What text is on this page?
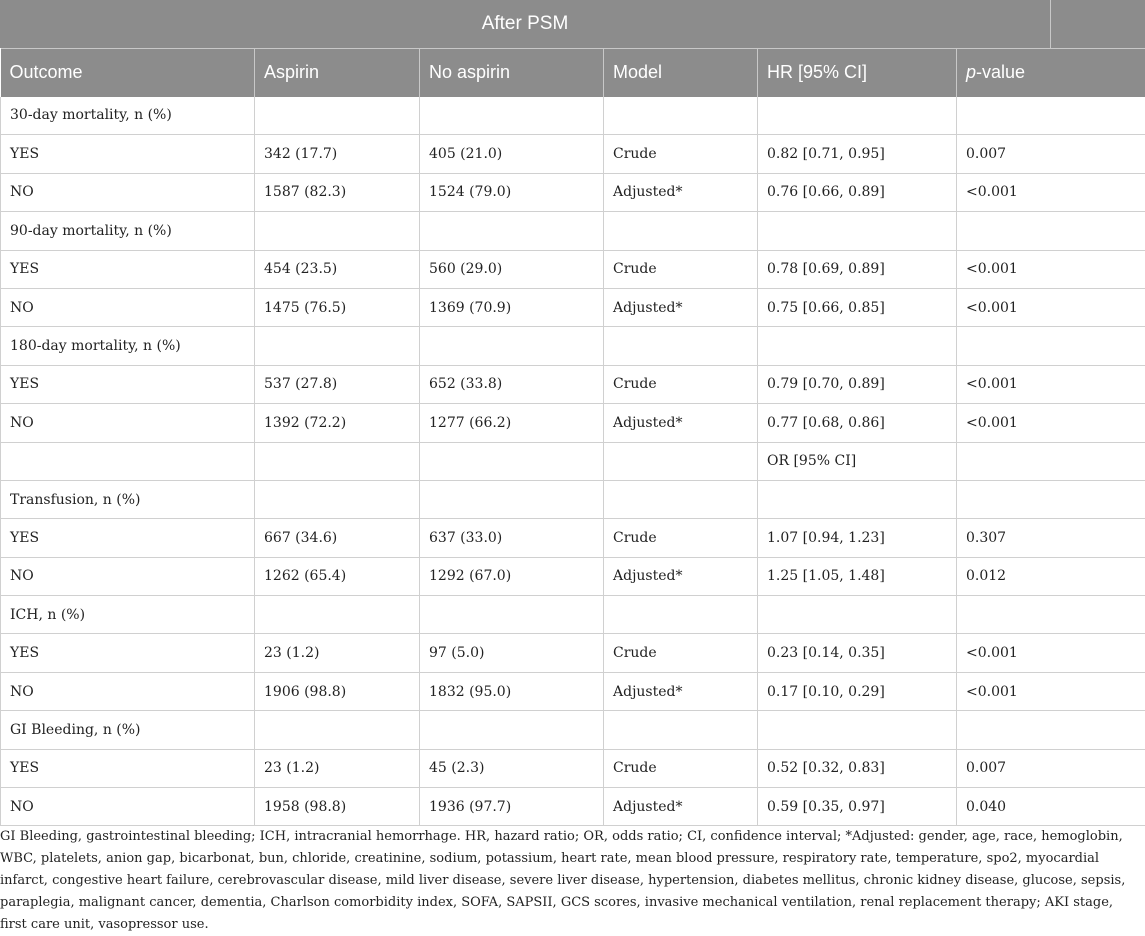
After PSM
Outcome	Aspirin	No aspirin	Model	HR [95% CI]	p-value
30-day mortality, n (%)					
YES	342 (17.7)	405 (21.0)	Crude	0.82 [0.71, 0.95]	0.007
NO	1587 (82.3)	1524 (79.0)	Adjusted*	0.76 [0.66, 0.89]	<0.001
90-day mortality, n (%)					
YES	454 (23.5)	560 (29.0)	Crude	0.78 [0.69, 0.89]	<0.001
NO	1475 (76.5)	1369 (70.9)	Adjusted*	0.75 [0.66, 0.85]	<0.001
180-day mortality, n (%)					
YES	537 (27.8)	652 (33.8)	Crude	0.79 [0.70, 0.89]	<0.001
NO	1392 (72.2)	1277 (66.2)	Adjusted*	0.77 [0.68, 0.86]	<0.001
				OR [95% CI]	
Transfusion, n (%)					
YES	667 (34.6)	637 (33.0)	Crude	1.07 [0.94, 1.23]	0.307
NO	1262 (65.4)	1292 (67.0)	Adjusted*	1.25 [1.05, 1.48]	0.012
ICH, n (%)					
YES	23 (1.2)	97 (5.0)	Crude	0.23 [0.14, 0.35]	<0.001
NO	1906 (98.8)	1832 (95.0)	Adjusted*	0.17 [0.10, 0.29]	<0.001
GI Bleeding, n (%)					
YES	23 (1.2)	45 (2.3)	Crude	0.52 [0.32, 0.83]	0.007
NO	1958 (98.8)	1936 (97.7)	Adjusted*	0.59 [0.35, 0.97]	0.040
GI Bleeding, gastrointestinal bleeding; ICH, intracranial hemorrhage. HR, hazard ratio; OR, odds ratio; CI, confidence interval; *Adjusted: gender, age, race, hemoglobin, WBC, platelets, anion gap, bicarbonat, bun, chloride, creatinine, sodium, potassium, heart rate, mean blood pressure, respiratory rate, temperature, spo2, myocardial infarct, congestive heart failure, cerebrovascular disease, mild liver disease, severe liver disease, hypertension, diabetes mellitus, chronic kidney disease, glucose, sepsis, paraplegia, malignant cancer, dementia, Charlson comorbidity index, SOFA, SAPSII, GCS scores, invasive mechanical ventilation, renal replacement therapy; AKI stage, first care unit, vasopressor use.
